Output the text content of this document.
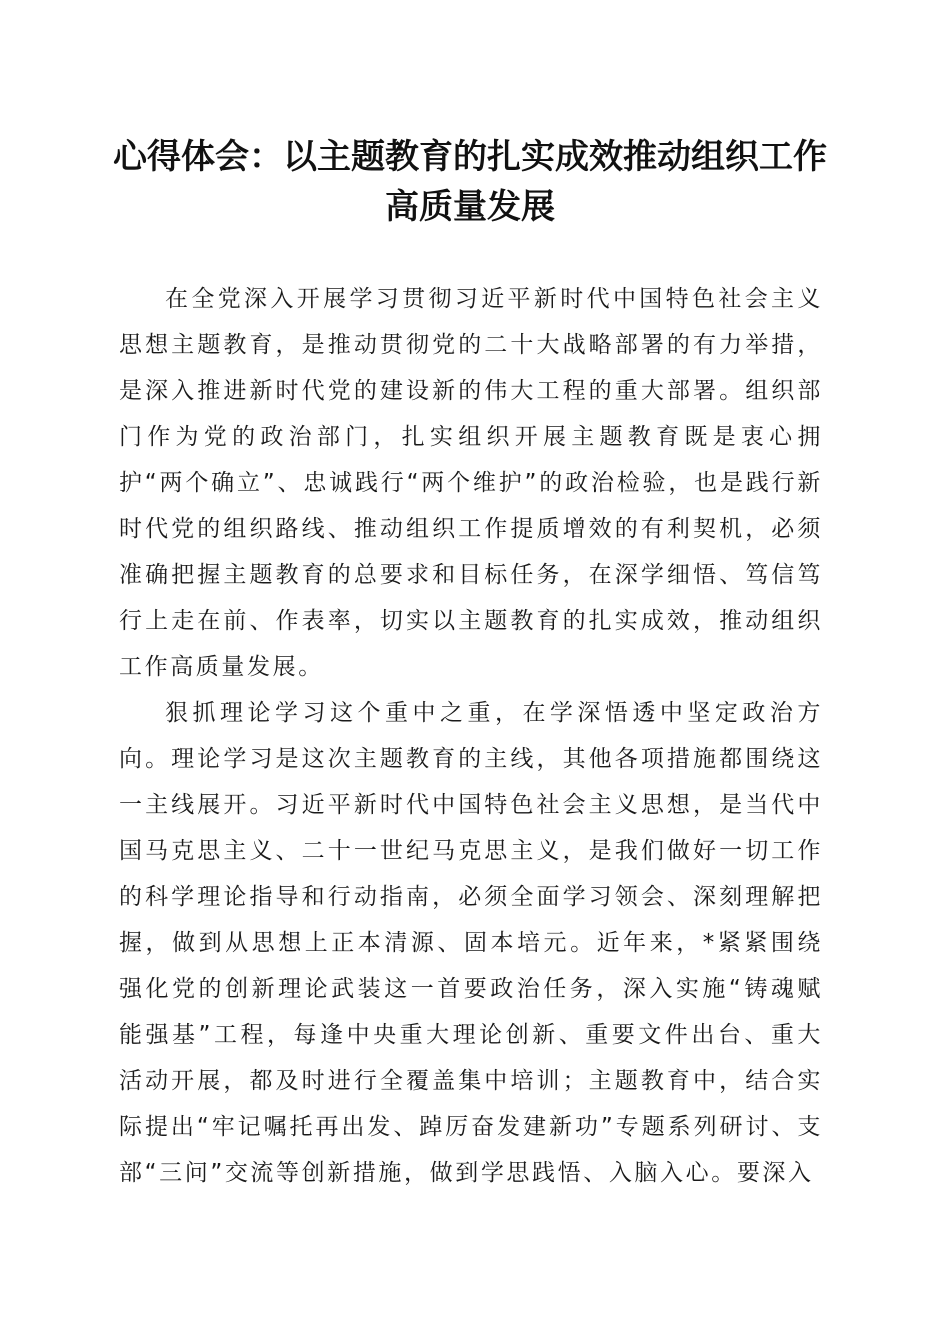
心得体会：以主题教育的扎实成效推动组织工作高质量发展

在全党深入开展学习贯彻习近平新时代中国特色社会主义思想主题教育，是推动贯彻党的二十大战略部署的有力举措，是深入推进新时代党的建设新的伟大工程的重大部署。组织部门作为党的政治部门，扎实组织开展主题教育既是衷心拥护“两个确立”、忠诚践行“两个维护”的政治检验，也是践行新时代党的组织路线、推动组织工作提质增效的有利契机，必须准确把握主题教育的总要求和目标任务，在深学细悟、笃信笃行上走在前、作表率，切实以主题教育的扎实成效，推动组织工作高质量发展。

狠抓理论学习这个重中之重，在学深悟透中坚定政治方向。理论学习是这次主题教育的主线，其他各项措施都围绕这一主线展开。习近平新时代中国特色社会主义思想，是当代中国马克思主义、二十一世纪马克思主义，是我们做好一切工作的科学理论指导和行动指南，必须全面学习领会、深刻理解把握，做到从思想上正本清源、固本培元。近年来，*紧紧围绕强化党的创新理论武装这一首要政治任务，深入实施“铸魂赋能强基”工程，每逢中央重大理论创新、重要文件出台、重大活动开展，都及时进行全覆盖集中培训；主题教育中，结合实际提出“牢记嘱托再出发、踔厉奋发建新功”专题系列研讨、支部“三问”交流等创新措施，做到学思践悟、入脑入心。要深入
